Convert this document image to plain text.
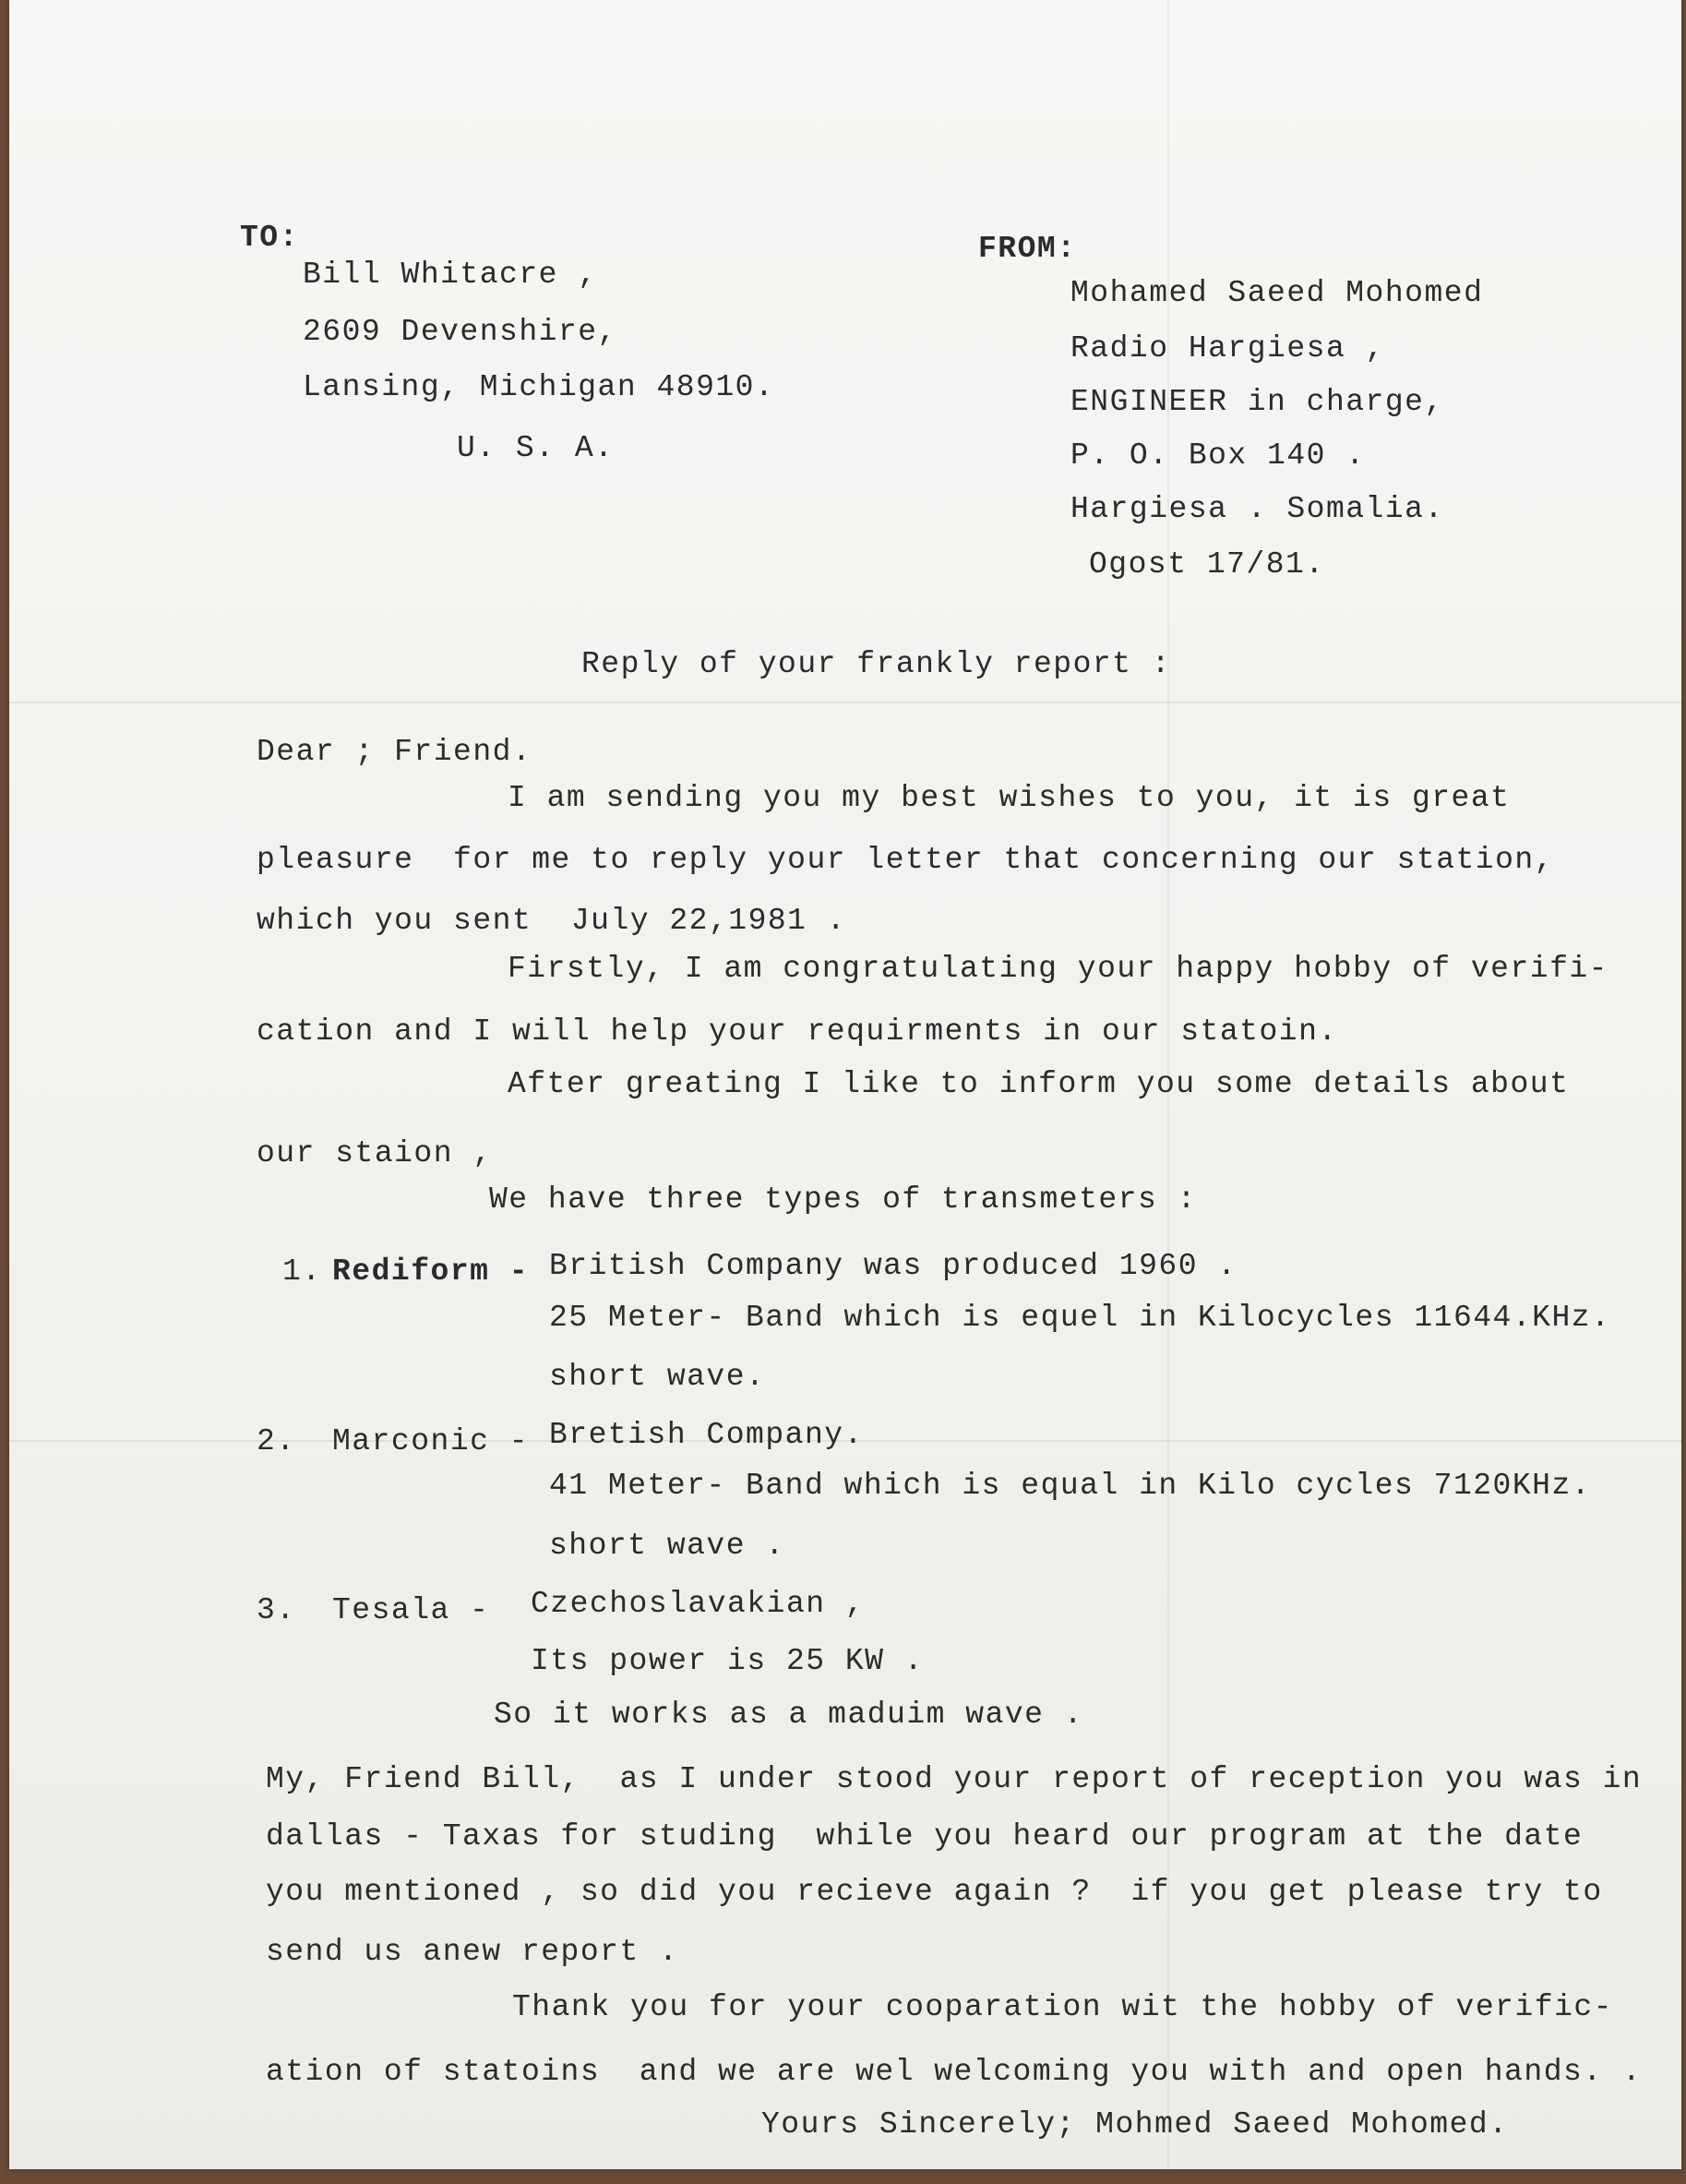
TO:
Bill Whitacre ,
2609 Devenshire,
Lansing, Michigan 48910.
U. S. A.
FROM:
Mohamed Saeed Mohomed
Radio Hargiesa ,
ENGINEER in charge,
P. O. Box 140 .
Hargiesa . Somalia.
Ogost 17/81.
Reply of your frankly report :
Dear ; Friend.
I am sending you my best wishes to you, it is great
pleasure  for me to reply your letter that concerning our station,
which you sent  July 22,1981 .
Firstly, I am congratulating your happy hobby of verifi-
cation and I will help your requirments in our statoin.
After greating I like to inform you some details about
our staion ,
We have three types of transmeters :
1. Rediform - British Company was produced 1960 .
25 Meter- Band which is equel in Kilocycles 11644.KHz.
short wave.
2. Marconic - Bretish Company.
41 Meter- Band which is equal in Kilo cycles 7120KHz.
short wave .
3. Tesala - Czechoslavakian ,
Its power is 25 KW .
So it works as a maduim wave .
My, Friend Bill,  as I under stood your report of reception you was in
dallas - Taxas for studing  while you heard our program at the date
you mentioned , so did you recieve again ?  if you get please try to
send us anew report .
Thank you for your cooparation wit the hobby of verific-
ation of statoins  and we are wel welcoming you with and open hands. .
Yours Sincerely; Mohmed Saeed Mohomed.
